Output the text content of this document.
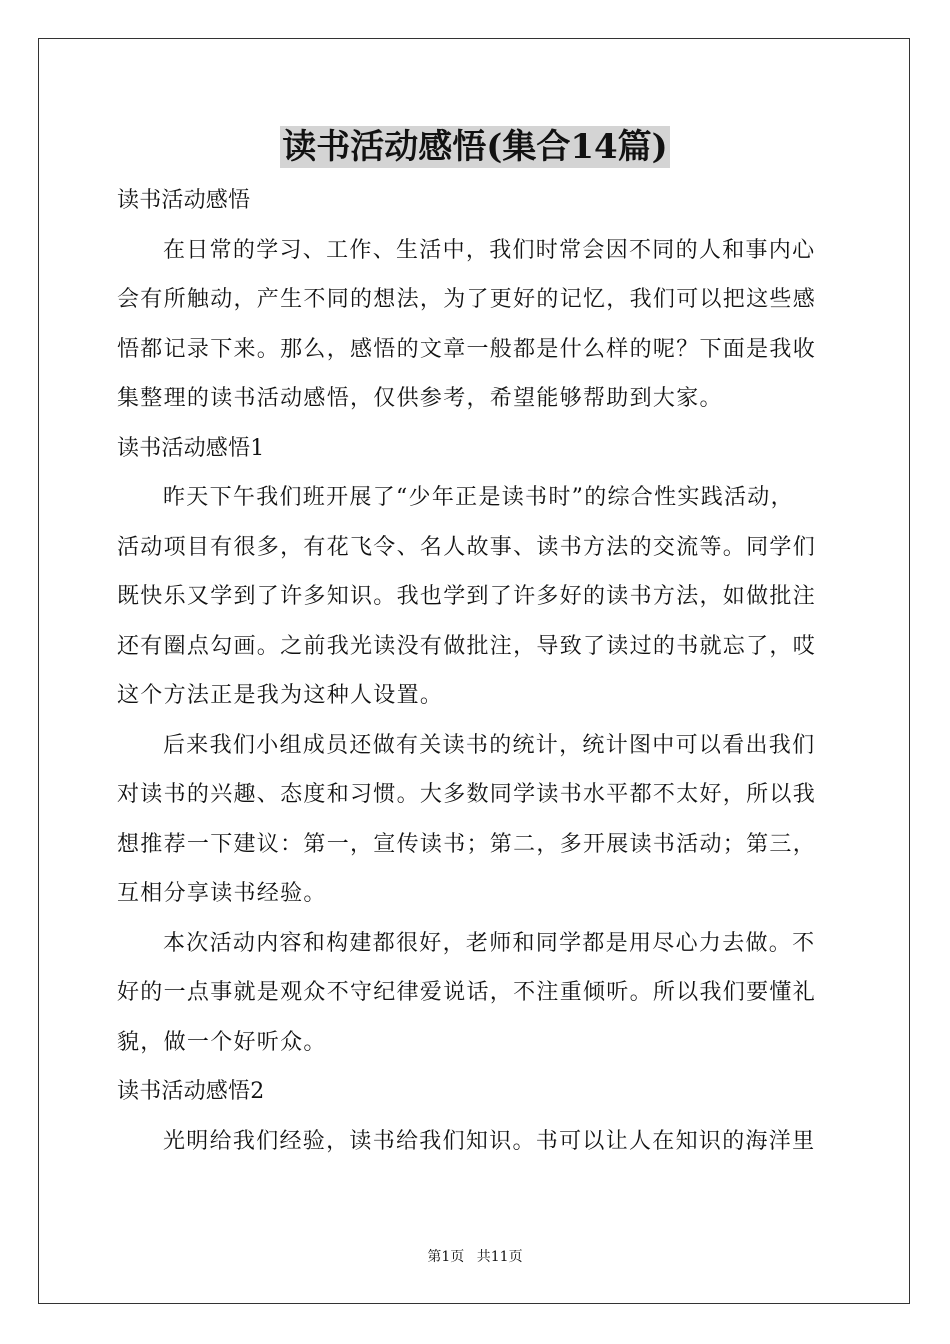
读书活动感悟(集合14篇)
读书活动感悟
在日常的学习、工作、生活中，我们时常会因不同的人和事内心
会有所触动，产生不同的想法，为了更好的记忆，我们可以把这些感
悟都记录下来。那么，感悟的文章一般都是什么样的呢？下面是我收
集整理的读书活动感悟，仅供参考，希望能够帮助到大家。
读书活动感悟1
昨天下午我们班开展了“少年正是读书时”的综合性实践活动，
活动项目有很多，有花飞令、名人故事、读书方法的交流等。同学们
既快乐又学到了许多知识。我也学到了许多好的读书方法，如做批注
还有圈点勾画。之前我光读没有做批注，导致了读过的书就忘了，哎
这个方法正是我为这种人设置。
后来我们小组成员还做有关读书的统计，统计图中可以看出我们
对读书的兴趣、态度和习惯。大多数同学读书水平都不太好，所以我
想推荐一下建议：第一，宣传读书；第二，多开展读书活动；第三，
互相分享读书经验。
本次活动内容和构建都很好，老师和同学都是用尽心力去做。不
好的一点事就是观众不守纪律爱说话，不注重倾听。所以我们要懂礼
貌，做一个好听众。
读书活动感悟2
光明给我们经验，读书给我们知识。书可以让人在知识的海洋里
第1页 共11页
